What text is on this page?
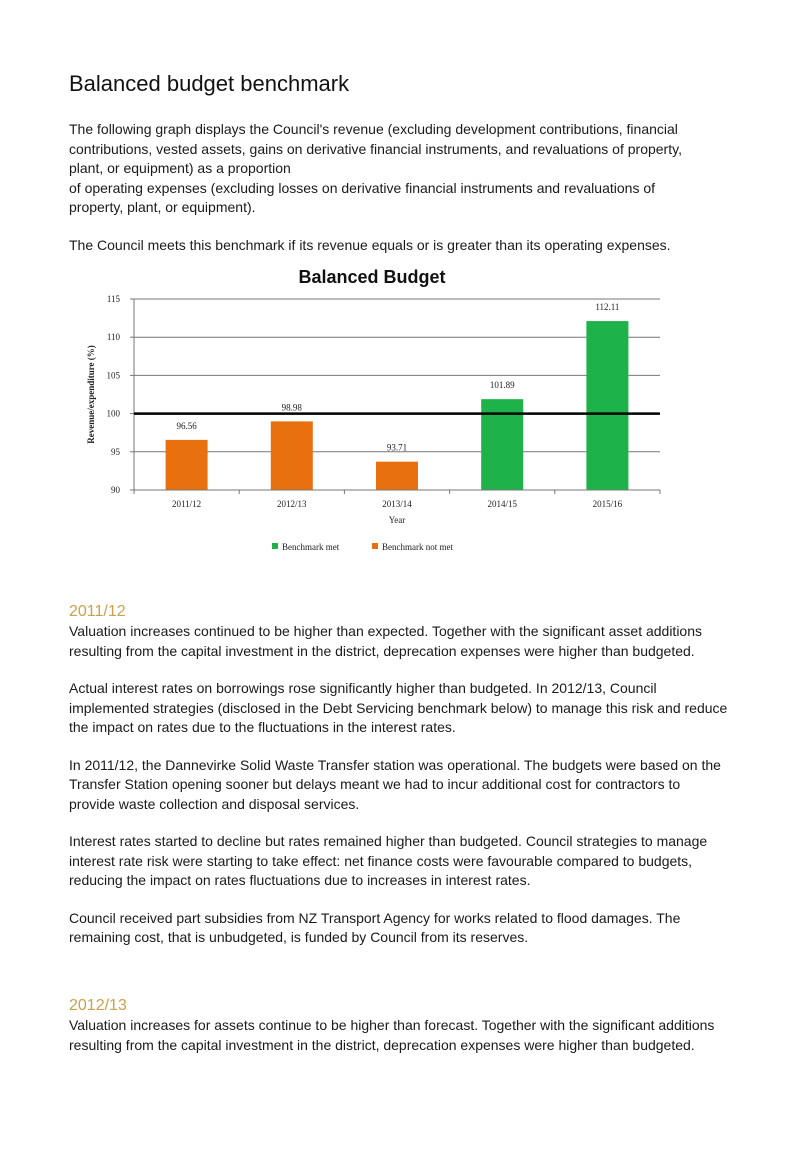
Balanced budget benchmark

The following graph displays the Council's revenue (excluding development contributions, financial
contributions, vested assets, gains on derivative financial instruments, and revaluations of property,
plant, or equipment) as a proportion
of operating expenses (excluding losses on derivative financial instruments and revaluations of
property, plant, or equipment).

The Council meets this benchmark if its revenue equals or is greater than its operating expenses.

Balanced Budget
90
95
100
105
110
115
Revenue/expenditure (%)	96.56
2011/12
98.98
2012/13
93.71
2013/14
101.89
2014/15
112.11
2015/16
Year
Benchmark met	Benchmark not met
2011/12

Valuation increases continued to be higher than expected. Together with the significant asset additions resulting from the capital investment in the district, deprecation expenses were higher than budgeted.

Actual interest rates on borrowings rose significantly higher than budgeted. In 2012/13, Council implemented strategies (disclosed in the Debt Servicing benchmark below) to manage this risk and reduce the impact on rates due to the fluctuations in the interest rates.

In 2011/12, the Dannevirke Solid Waste Transfer station was operational. The budgets were based on the Transfer Station opening sooner but delays meant we had to incur additional cost for contractors to provide waste collection and disposal services.

Interest rates started to decline but rates remained higher than budgeted. Council strategies to manage interest rate risk were starting to take effect: net finance costs were favourable compared to budgets, reducing the impact on rates fluctuations due to increases in interest rates.

Council received part subsidies from NZ Transport Agency for works related to flood damages. The remaining cost, that is unbudgeted, is funded by Council from its reserves.

2012/13

Valuation increases for assets continue to be higher than forecast. Together with the significant additions resulting from the capital investment in the district, deprecation expenses were higher than budgeted.
